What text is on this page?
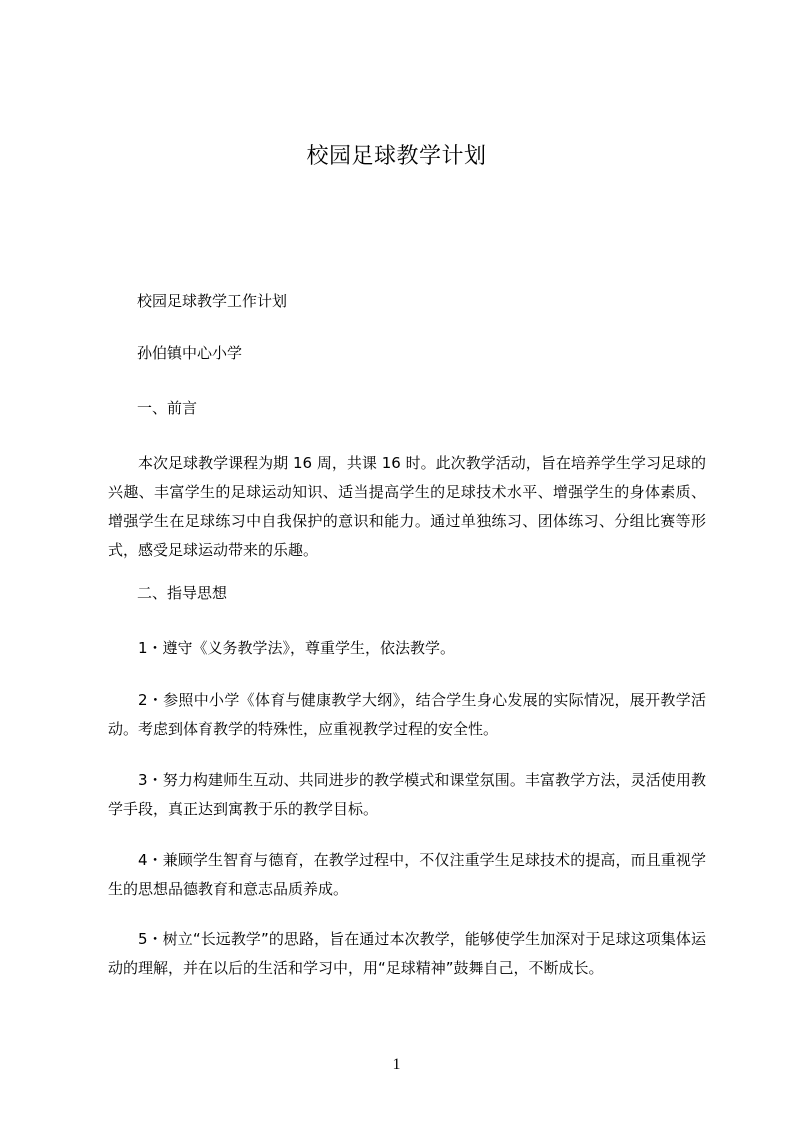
校园足球教学计划
校园足球教学工作计划
孙伯镇中心小学
一、前言
本次足球教学课程为期 16 周，共课 16 时。此次教学活动，旨在培养学生学习足球的兴趣、丰富学生的足球运动知识、适当提高学生的足球技术水平、增强学生的身体素质、增强学生在足球练习中自我保护的意识和能力。通过单独练习、团体练习、分组比赛等形式，感受足球运动带来的乐趣。
二、指导思想
1・遵守《义务教学法》，尊重学生，依法教学。
2・参照中小学《体育与健康教学大纲》，结合学生身心发展的实际情况，展开教学活动。考虑到体育教学的特殊性，应重视教学过程的安全性。
3・努力构建师生互动、共同进步的教学模式和课堂氛围。丰富教学方法，灵活使用教学手段，真正达到寓教于乐的教学目标。
4・兼顾学生智育与德育，在教学过程中，不仅注重学生足球技术的提高，而且重视学生的思想品德教育和意志品质养成。
5・树立“长远教学”的思路，旨在通过本次教学，能够使学生加深对于足球这项集体运动的理解，并在以后的生活和学习中，用“足球精神”鼓舞自己，不断成长。
1
